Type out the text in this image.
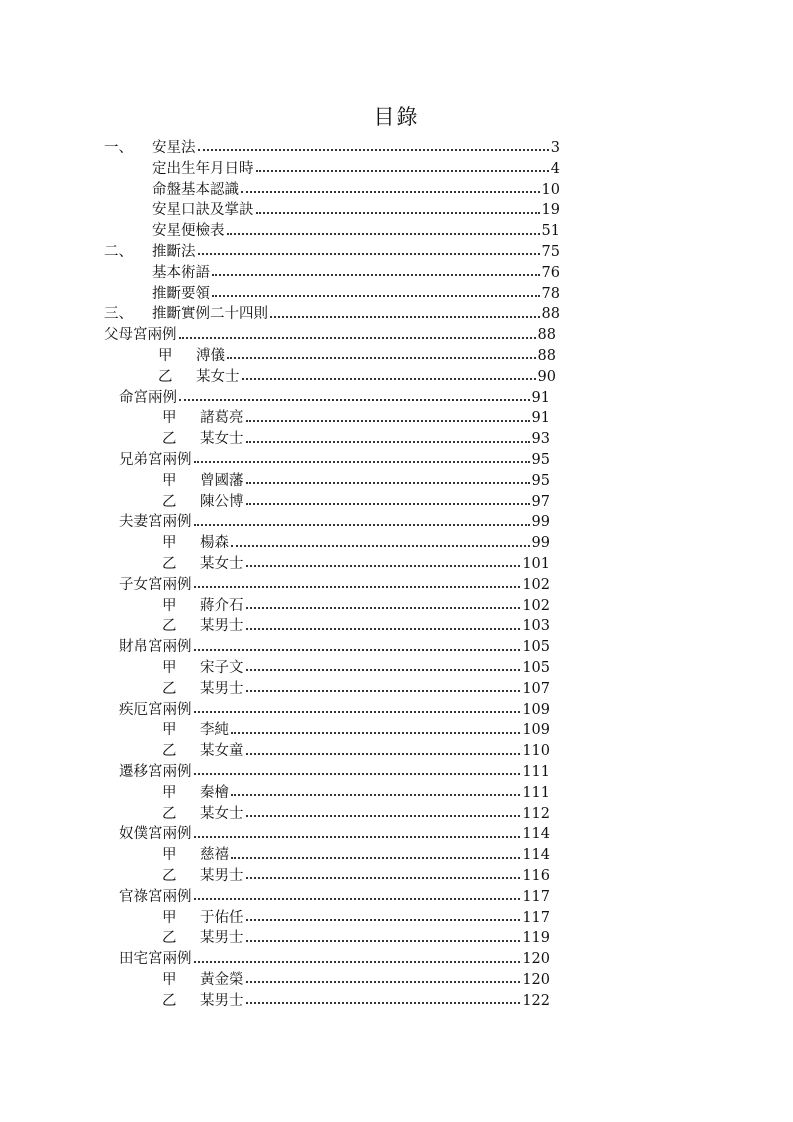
目錄
一、	安星法	3
定出生年月日時	4
命盤基本認識	10
安星口訣及掌訣	19
安星便檢表	51
二、	推斷法	75
基本術語	76
推斷要領	78
三、	推斷實例二十四則	88
父母宮兩例	88
甲	溥儀	88
乙	某女士	90
命宮兩例	91
甲	諸葛亮	91
乙	某女士	93
兄弟宮兩例	95
甲	曾國藩	95
乙	陳公博	97
夫妻宮兩例	99
甲	楊森	99
乙	某女士	101
子女宮兩例	102
甲	蔣介石	102
乙	某男士	103
財帛宮兩例	105
甲	宋子文	105
乙	某男士	107
疾厄宮兩例	109
甲	李純	109
乙	某女童	110
遷移宮兩例	111
甲	秦檜	111
乙	某女士	112
奴僕宮兩例	114
甲	慈禧	114
乙	某男士	116
官祿宮兩例	117
甲	于佑任	117
乙	某男士	119
田宅宮兩例	120
甲	黃金榮	120
乙	某男士	122
